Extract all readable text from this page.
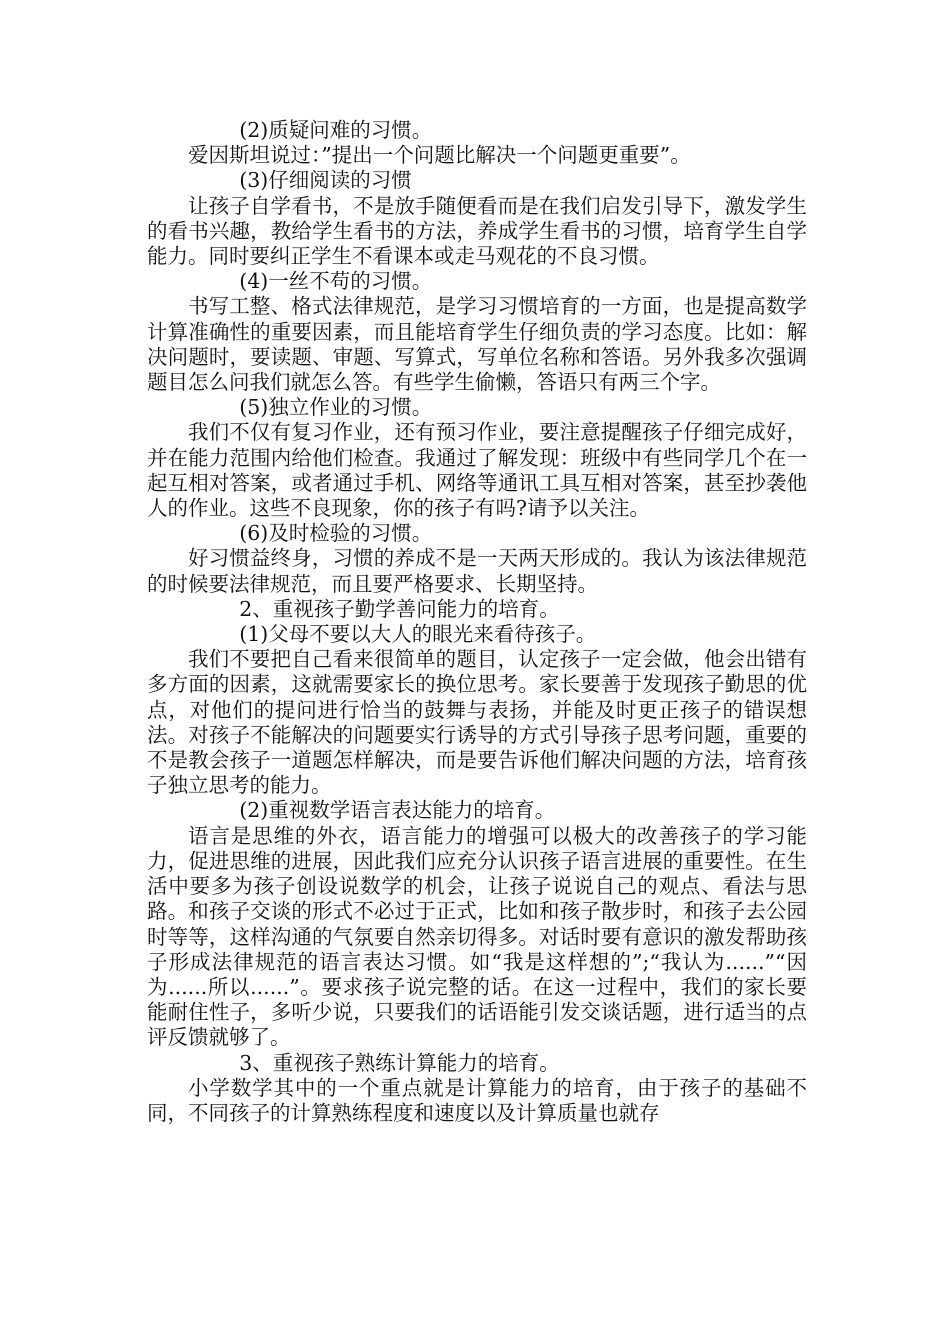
(2)质疑问难的习惯。

爱因斯坦说过：”提出一个问题比解决一个问题更重要”。

(3)仔细阅读的习惯

让孩子自学看书，不是放手随便看而是在我们启发引导下，激发学生的看书兴趣，教给学生看书的方法，养成学生看书的习惯，培育学生自学能力。同时要纠正学生不看课本或走马观花的不良习惯。

(4)一丝不苟的习惯。

书写工整、格式法律规范，是学习习惯培育的一方面，也是提高数学计算准确性的重要因素，而且能培育学生仔细负责的学习态度。比如：解决问题时，要读题、审题、写算式，写单位名称和答语。另外我多次强调题目怎么问我们就怎么答。有些学生偷懒，答语只有两三个字。

(5)独立作业的习惯。

我们不仅有复习作业，还有预习作业，要注意提醒孩子仔细完成好，并在能力范围内给他们检查。我通过了解发现：班级中有些同学几个在一起互相对答案，或者通过手机、网络等通讯工具互相对答案，甚至抄袭他人的作业。这些不良现象，你的孩子有吗?请予以关注。

(6)及时检验的习惯。

好习惯益终身，习惯的养成不是一天两天形成的。我认为该法律规范的时候要法律规范，而且要严格要求、长期坚持。

2、重视孩子勤学善问能力的培育。

(1)父母不要以大人的眼光来看待孩子。

我们不要把自己看来很简单的题目，认定孩子一定会做，他会出错有多方面的因素，这就需要家长的换位思考。家长要善于发现孩子勤思的优点，对他们的提问进行恰当的鼓舞与表扬，并能及时更正孩子的错误想法。对孩子不能解决的问题要实行诱导的方式引导孩子思考问题，重要的不是教会孩子一道题怎样解决，而是要告诉他们解决问题的方法，培育孩子独立思考的能力。

(2)重视数学语言表达能力的培育。

语言是思维的外衣，语言能力的增强可以极大的改善孩子的学习能力，促进思维的进展，因此我们应充分认识孩子语言进展的重要性。在生活中要多为孩子创设说数学的机会，让孩子说说自己的观点、看法与思路。和孩子交谈的形式不必过于正式，比如和孩子散步时，和孩子去公园时等等，这样沟通的气氛要自然亲切得多。对话时要有意识的激发帮助孩子形成法律规范的语言表达习惯。如“我是这样想的”;“我认为......”“因为......所以......”。要求孩子说完整的话。在这一过程中，我们的家长要能耐住性子，多听少说，只要我们的话语能引发交谈话题，进行适当的点评反馈就够了。

3、重视孩子熟练计算能力的培育。

小学数学其中的一个重点就是计算能力的培育，由于孩子的基础不同，不同孩子的计算熟练程度和速度以及计算质量也就存
